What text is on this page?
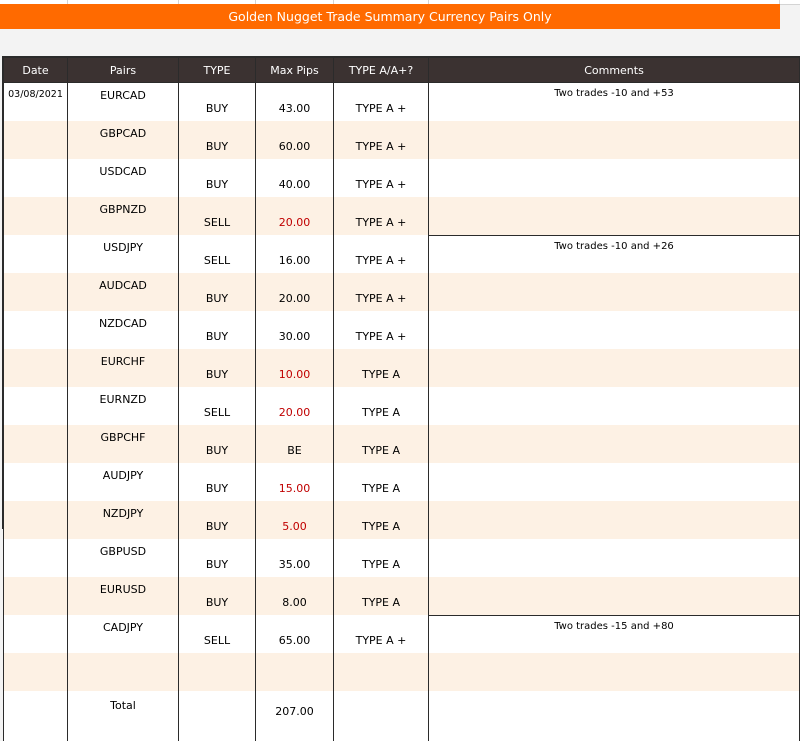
Golden Nugget Trade Summary Currency Pairs Only
Date	Pairs	TYPE	Max Pips	TYPE A/A+?	Comments
03/08/2021	EURCAD	BUY	43.00	TYPE A +	Two trades -10 and +53
	GBPCAD	BUY	60.00	TYPE A +	
	USDCAD	BUY	40.00	TYPE A +	
	GBPNZD	SELL	20.00	TYPE A +	
	USDJPY	SELL	16.00	TYPE A +	Two trades -10 and +26
	AUDCAD	BUY	20.00	TYPE A +	
	NZDCAD	BUY	30.00	TYPE A +	
	EURCHF	BUY	10.00	TYPE A	
	EURNZD	SELL	20.00	TYPE A	
	GBPCHF	BUY	BE	TYPE A	
	AUDJPY	BUY	15.00	TYPE A	
	NZDJPY	BUY	5.00	TYPE A	
	GBPUSD	BUY	35.00	TYPE A	
	EURUSD	BUY	8.00	TYPE A	
	CADJPY	SELL	65.00	TYPE A +	Two trades -15 and +80

	Total		207.00		
